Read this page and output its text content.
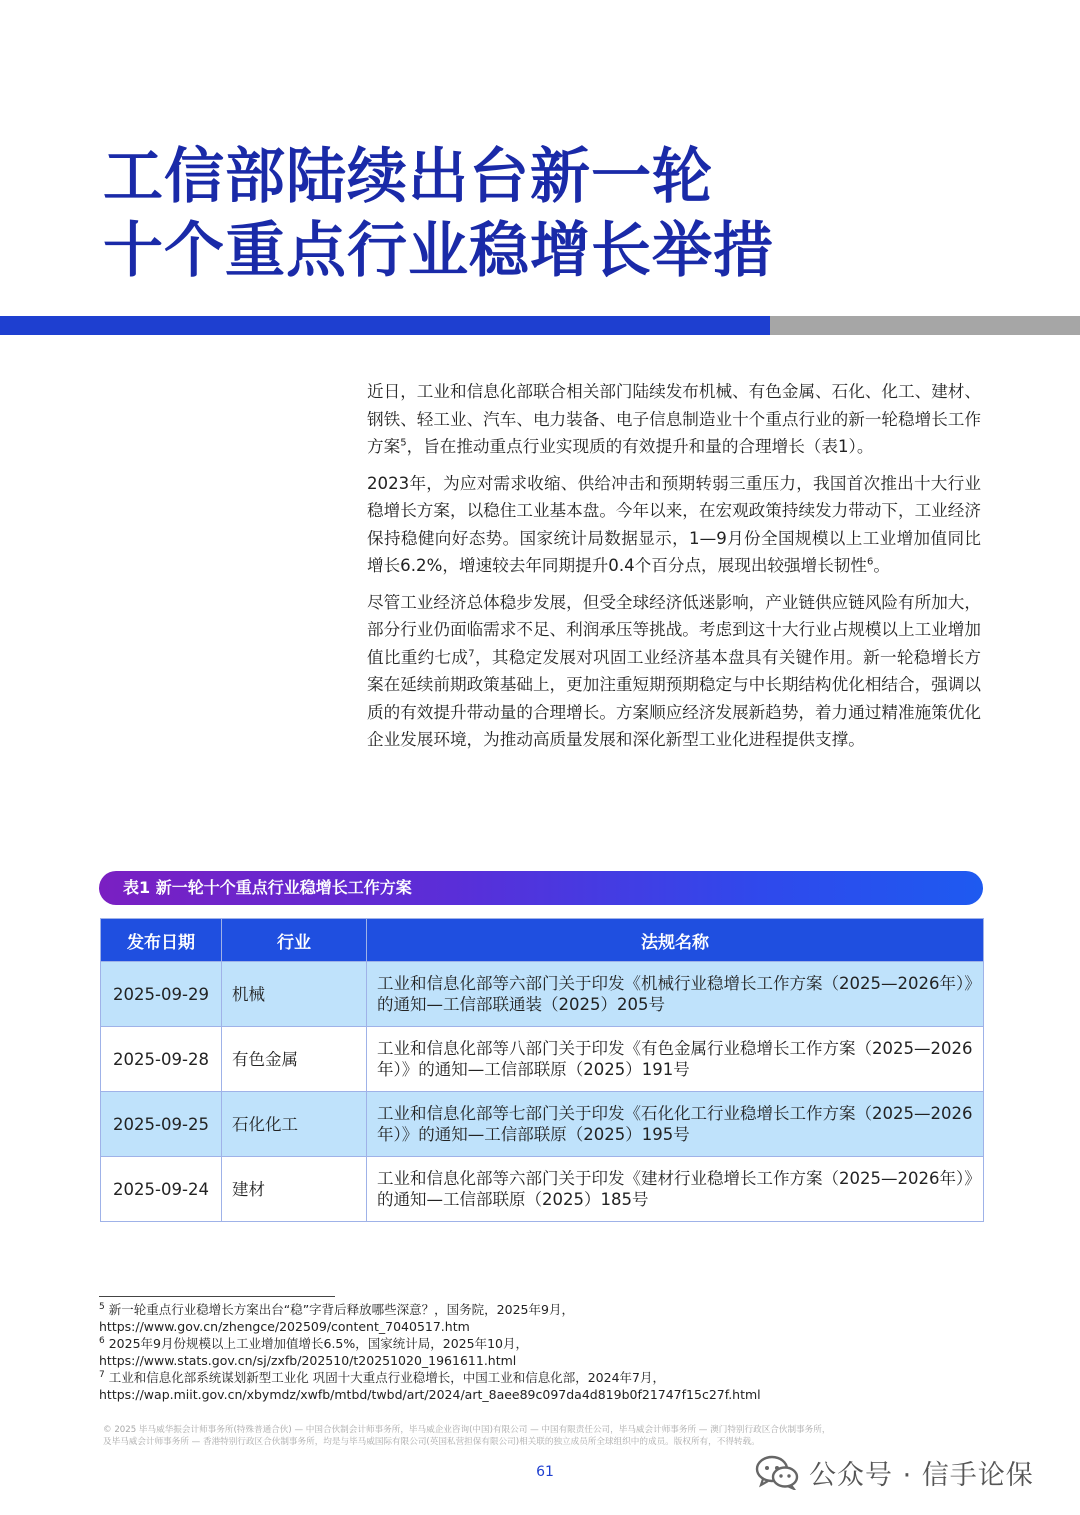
工信部陆续出台新一轮
十个重点行业稳增长举措

近日，工业和信息化部联合相关部门陆续发布机械、有色金属、石化、化工、建材、钢铁、轻工业、汽车、电力装备、电子信息制造业十个重点行业的新一轮稳增长工作方案$^5$，旨在推动重点行业实现质的有效提升和量的合理增长（表1）。

2023年，为应对需求收缩、供给冲击和预期转弱三重压力，我国首次推出十大行业稳增长方案，以稳住工业基本盘。今年以来，在宏观政策持续发力带动下，工业经济保持稳健向好态势。国家统计局数据显示，1—9月份全国规模以上工业增加值同比增长6.2%，增速较去年同期提升0.4个百分点，展现出较强增长韧性$^6$。

尽管工业经济总体稳步发展，但受全球经济低迷影响，产业链供应链风险有所加大，部分行业仍面临需求不足、利润承压等挑战。考虑到这十大行业占规模以上工业增加值比重约七成$^7$，其稳定发展对巩固工业经济基本盘具有关键作用。新一轮稳增长方案在延续前期政策基础上，更加注重短期预期稳定与中长期结构优化相结合，强调以质的有效提升带动量的合理增长。方案顺应经济发展新趋势，着力通过精准施策优化企业发展环境，为推动高质量发展和深化新型工业化进程提供支撑。

表1 新一轮十个重点行业稳增长工作方案
发布日期	行业	法规名称
2025-09-29	机械	工业和信息化部等六部门关于印发《机械行业稳增长工作方案（2025—2026年）》的通知—工信部联通装（2025）205号
2025-09-28	有色金属	工业和信息化部等八部门关于印发《有色金属行业稳增长工作方案（2025—2026年）》的通知—工信部联原（2025）191号
2025-09-25	石化化工	工业和信息化部等七部门关于印发《石化化工行业稳增长工作方案（2025—2026年）》的通知—工信部联原（2025）195号
2025-09-24	建材	工业和信息化部等六部门关于印发《建材行业稳增长工作方案（2025—2026年）》的通知—工信部联原（2025）185号

$^5$ 新一轮重点行业稳增长方案出台“稳”字背后释放哪些深意？，国务院，2025年9月，

https://www.gov.cn/zhengce/202509/content_7040517.htm

$^6$ 2025年9月份规模以上工业增加值增长6.5%，国家统计局，2025年10月，

https://www.stats.gov.cn/sj/zxfb/202510/t20251020_1961611.html

$^7$ 工业和信息化部系统谋划新型工业化 巩固十大重点行业稳增长，中国工业和信息化部，2024年7月，

https://wap.miit.gov.cn/xbymdz/xwfb/mtbd/twbd/art/2024/art_8aee89c097da4d819b0f21747f15c27f.html

© 2025 毕马威华振会计师事务所(特殊普通合伙) — 中国合伙制会计师事务所，毕马威企业咨询(中国)有限公司 — 中国有限责任公司，毕马威会计师事务所 — 澳门特别行政区合伙制事务所，
及毕马威会计师事务所 — 香港特别行政区合伙制事务所，均是与毕马威国际有限公司(英国私营担保有限公司)相关联的独立成员所全球组织中的成员。版权所有，不得转载。
61	公众号 · 信手论保
